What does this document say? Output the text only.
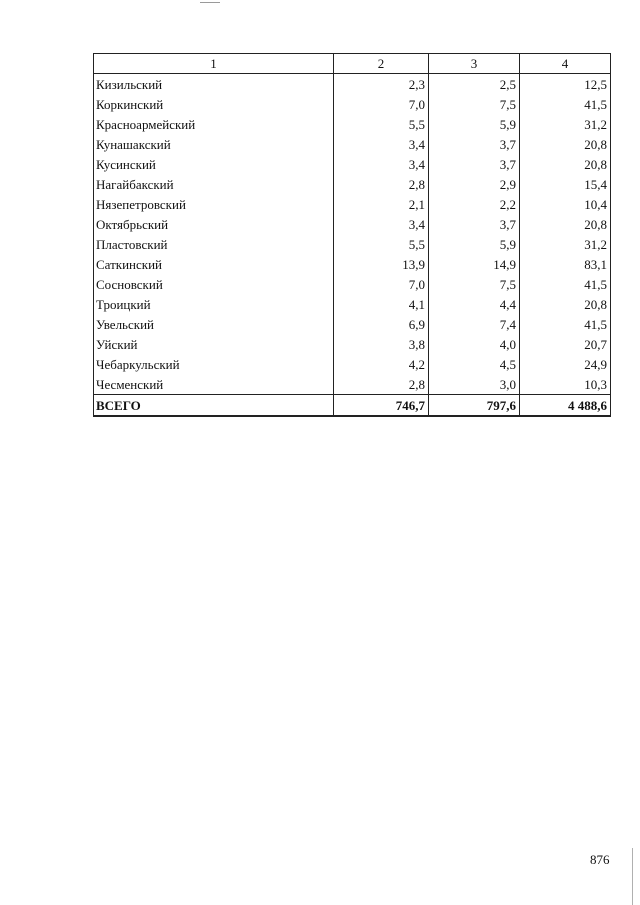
1	2	3	4
Кизильский	2,3	2,5	12,5
Коркинский	7,0	7,5	41,5
Красноармейский	5,5	5,9	31,2
Кунашакский	3,4	3,7	20,8
Кусинский	3,4	3,7	20,8
Нагайбакский	2,8	2,9	15,4
Нязепетровский	2,1	2,2	10,4
Октябрьский	3,4	3,7	20,8
Пластовский	5,5	5,9	31,2
Саткинский	13,9	14,9	83,1
Сосновский	7,0	7,5	41,5
Троицкий	4,1	4,4	20,8
Увельский	6,9	7,4	41,5
Уйский	3,8	4,0	20,7
Чебаркульский	4,2	4,5	24,9
Чесменский	2,8	3,0	10,3
ВСЕГО	746,7	797,6	4 488,6
876
